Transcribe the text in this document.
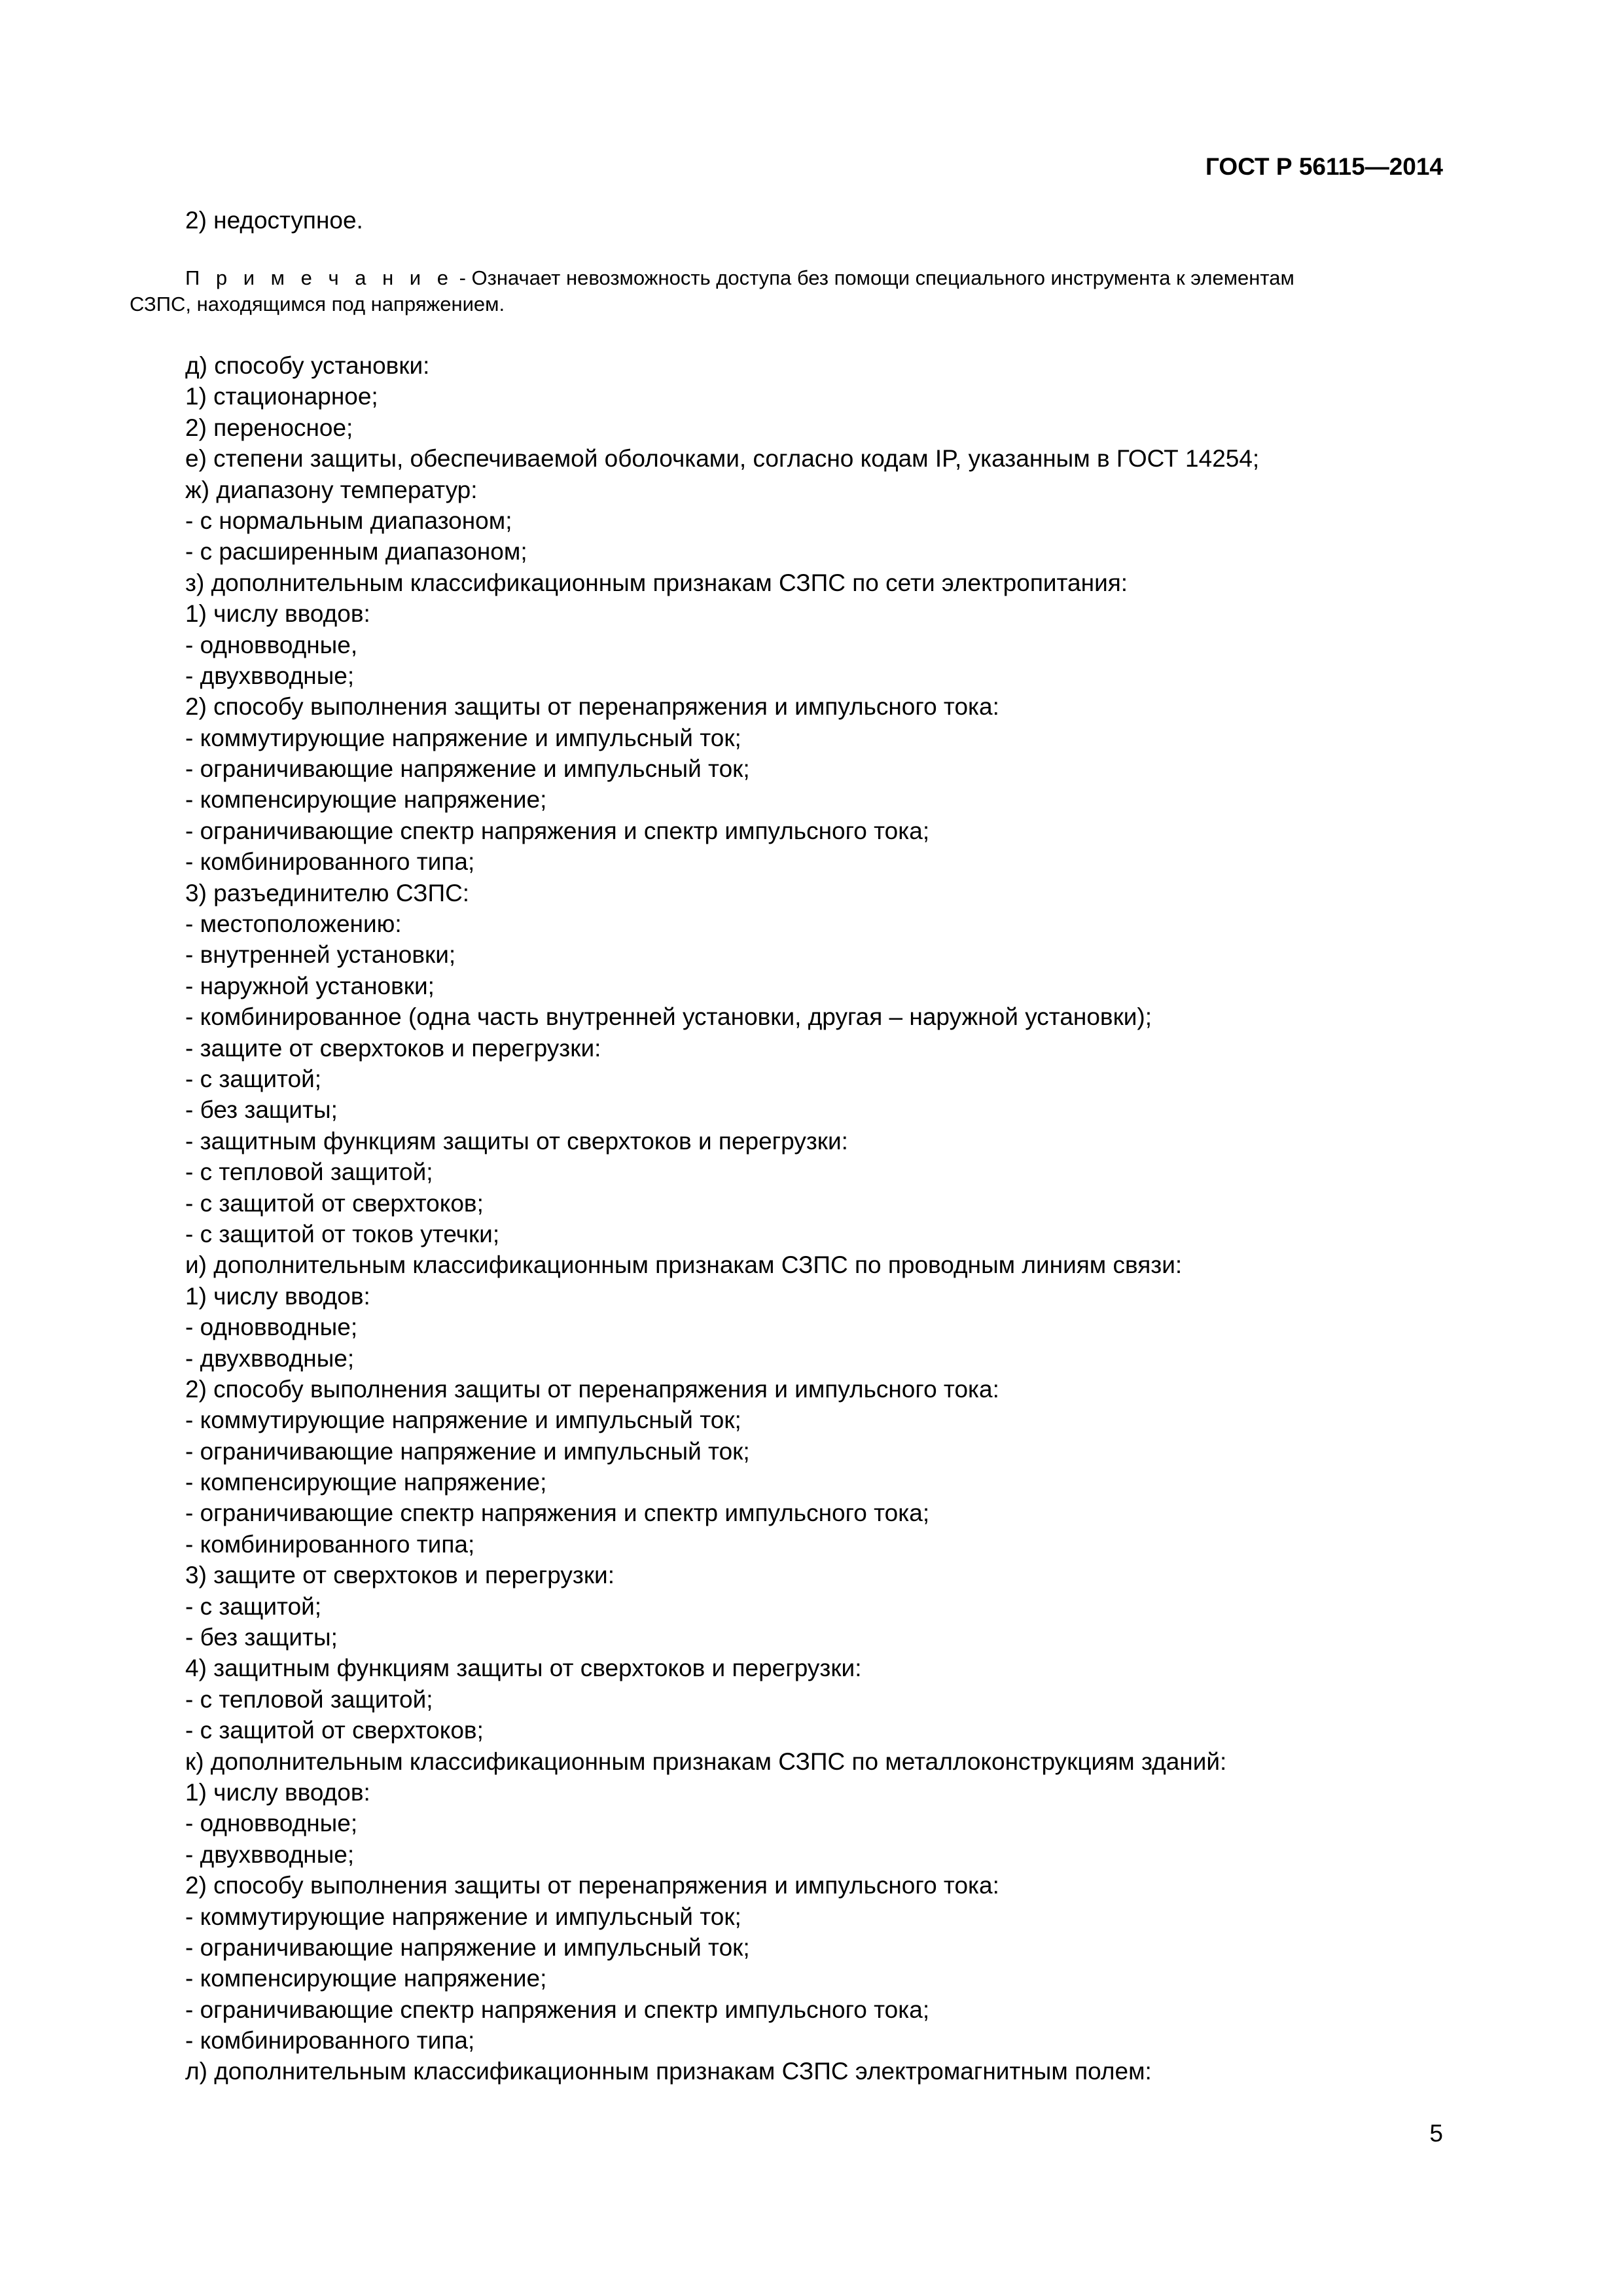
ГОСТ Р 56115—2014
2) недоступное.
П р и м е ч а н и е - Означает невозможность доступа без помощи специального инструмента к элементам
СЗПС, находящимся под напряжением.
д) способу установки:
1) стационарное;
2) переносное;
е) степени защиты, обеспечиваемой оболочками, согласно кодам IP, указанным в ГОСТ 14254;
ж) диапазону температур:
- с нормальным диапазоном;
- с расширенным диапазоном;
з) дополнительным классификационным признакам СЗПС по сети электропитания:
1) числу вводов:
- одновводные,
- двухвводные;
2) способу выполнения защиты от перенапряжения и импульсного тока:
- коммутирующие напряжение и импульсный ток;
- ограничивающие напряжение и импульсный ток;
- компенсирующие напряжение;
- ограничивающие спектр напряжения и спектр импульсного тока;
- комбинированного типа;
3) разъединителю СЗПС:
- местоположению:
- внутренней установки;
- наружной установки;
- комбинированное (одна часть внутренней установки, другая – наружной установки);
- защите от сверхтоков и перегрузки:
- с защитой;
- без защиты;
- защитным функциям защиты от сверхтоков и перегрузки:
- с тепловой защитой;
- с защитой от сверхтоков;
- с защитой от токов утечки;
и) дополнительным классификационным признакам СЗПС по проводным линиям связи:
1) числу вводов:
- одновводные;
- двухвводные;
2) способу выполнения защиты от перенапряжения и импульсного тока:
- коммутирующие напряжение и импульсный ток;
- ограничивающие напряжение и импульсный ток;
- компенсирующие напряжение;
- ограничивающие спектр напряжения и спектр импульсного тока;
- комбинированного типа;
3) защите от сверхтоков и перегрузки:
- с защитой;
- без защиты;
4) защитным функциям защиты от сверхтоков и перегрузки:
- с тепловой защитой;
- с защитой от сверхтоков;
к) дополнительным классификационным признакам СЗПС по металлоконструкциям зданий:
1) числу вводов:
- одновводные;
- двухвводные;
2) способу выполнения защиты от перенапряжения и импульсного тока:
- коммутирующие напряжение и импульсный ток;
- ограничивающие напряжение и импульсный ток;
- компенсирующие напряжение;
- ограничивающие спектр напряжения и спектр импульсного тока;
- комбинированного типа;
л) дополнительным классификационным признакам СЗПС электромагнитным полем:
5
